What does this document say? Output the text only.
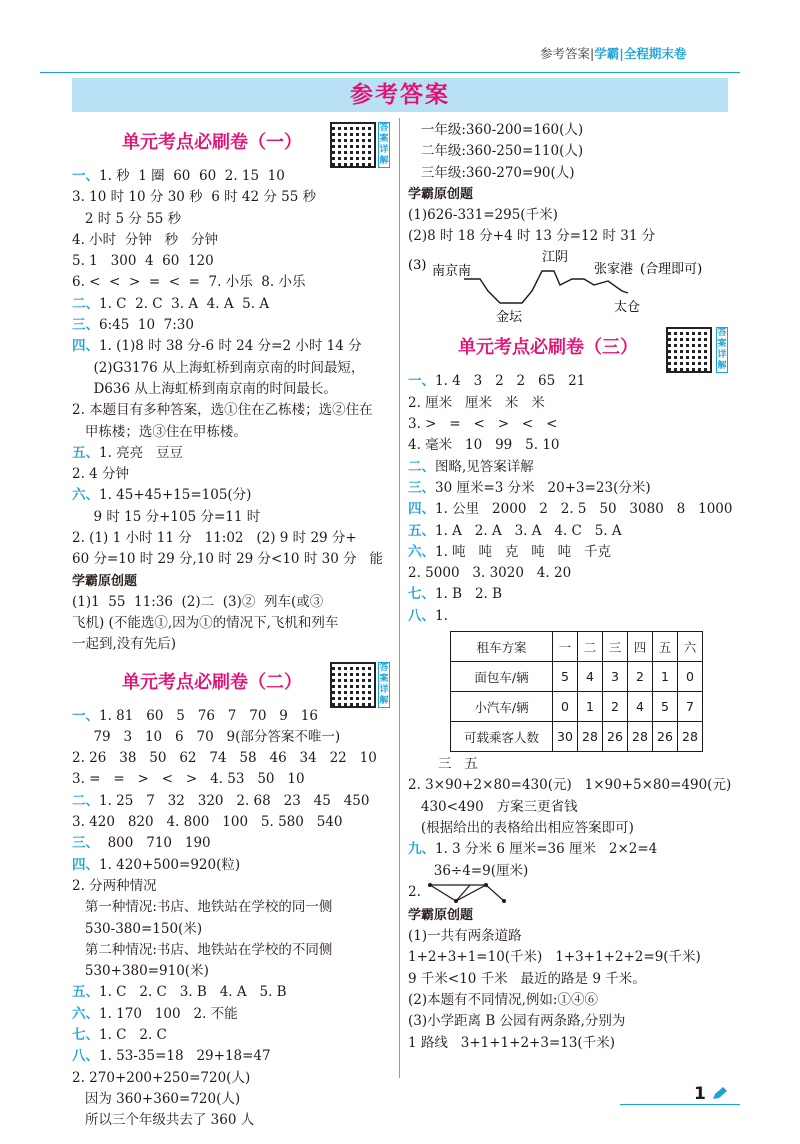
参考答案|学霸|全程期末卷
参考答案
单元考点必刷卷（一）
答案详解
一、1. 秒  1 圈  60  60  2. 15  10
3. 10 时 10 分 30 秒  6 时 42 分 55 秒
2 时 5 分 55 秒
4. 小时  分钟   秒   分钟
5. 1   300  4  60  120
6. <  <  >  =  <  =  7. 小乐  8. 小乐
二、1. C  2. C  3. A  4. A  5. A
三、6:45  10  7:30
四、1. (1)8 时 38 分-6 时 24 分=2 小时 14 分
(2)G3176 从上海虹桥到南京南的时间最短，
D636 从上海虹桥到南京南的时间最长。
2. 本题目有多种答案，选①住在乙栋楼；选②住在
甲栋楼；选③住在甲栋楼。
五、1. 亮亮   豆豆
2. 4 分钟
六、1. 45+45+15=105(分)
9 时 15 分+105 分=11 时
2. (1) 1 小时 11 分   11:02   (2) 9 时 29 分+
60 分=10 时 29 分,10 时 29 分<10 时 30 分   能
学霸原创题
(1)1  55  11:36  (2)二  (3)②  列车(或③
飞机) (不能选①,因为①的情况下,飞机和列车
一起到,没有先后)
单元考点必刷卷（二）
答案详解
一、1. 81   60   5   76   7   70   9   16
79   3   10   6   70   9(部分答案不唯一)
2. 26   38   50   62   74   58   46   34   22   10
3. =   =   >   <   >   4. 53   50   10
二、1. 25   7   32   320   2. 68   23   45   450
3. 420   820   4. 800   100   5. 580   540
三、  800   710   190
四、1. 420+500=920(粒)
2. 分两种情况
第一种情况:书店、地铁站在学校的同一侧
530-380=150(米)
第二种情况:书店、地铁站在学校的不同侧
530+380=910(米)
五、1. C   2. C   3. B   4. A   5. B
六、1. 170   100   2. 不能
七、1. C   2. C
八、1. 53-35=18   29+18=47
2. 270+200+250=720(人)
因为 360+360=720(人)
所以三个年级共去了 360 人
一年级:360-200=160(人)
二年级:360-250=110(人)
三年级:360-270=90(人)
学霸原创题
(1)626-331=295(千米)
(2)8 时 18 分+4 时 13 分=12 时 31 分
(3) 南京南
江阴
张家港 (合理即可)
金坛
太仓
单元考点必刷卷（三）
答案详解
一、1. 4   3   2   2   65   21
2. 厘米   厘米   米   米
3. >   =   <   >   <   <
4. 毫米   10   99   5. 10
二、图略,见答案详解
三、30 厘米=3 分米   20+3=23(分米)
四、1. 公里   2000   2   2. 5   50   3080   8   1000
五、1. A   2. A   3. A   4. C   5. A
六、1. 吨   吨   克   吨   吨   千克
2. 5000   3. 3020   4. 20
七、1. B   2. B
八、1.
租车方案	一	二	三	四	五	六
面包车/辆	5	4	3	2	1	0
小汽车/辆	0	1	2	4	5	7
可载乘客人数	30	28	26	28	26	28
三   五
2. 3×90+2×80=430(元)   1×90+5×80=490(元)
430<490   方案三更省钱
(根据给出的表格给出相应答案即可)
九、1. 3 分米 6 厘米=36 厘米   2×2=4
36÷4=9(厘米)
2.
学霸原创题
(1)一共有两条道路
1+2+3+1=10(千米)   1+3+1+2+2=9(千米)
9 千米<10 千米   最近的路是 9 千米。
(2)本题有不同情况,例如:①④⑥
(3)小学距离 B 公园有两条路,分别为
1 路线   3+1+1+2+3=13(千米)
1
